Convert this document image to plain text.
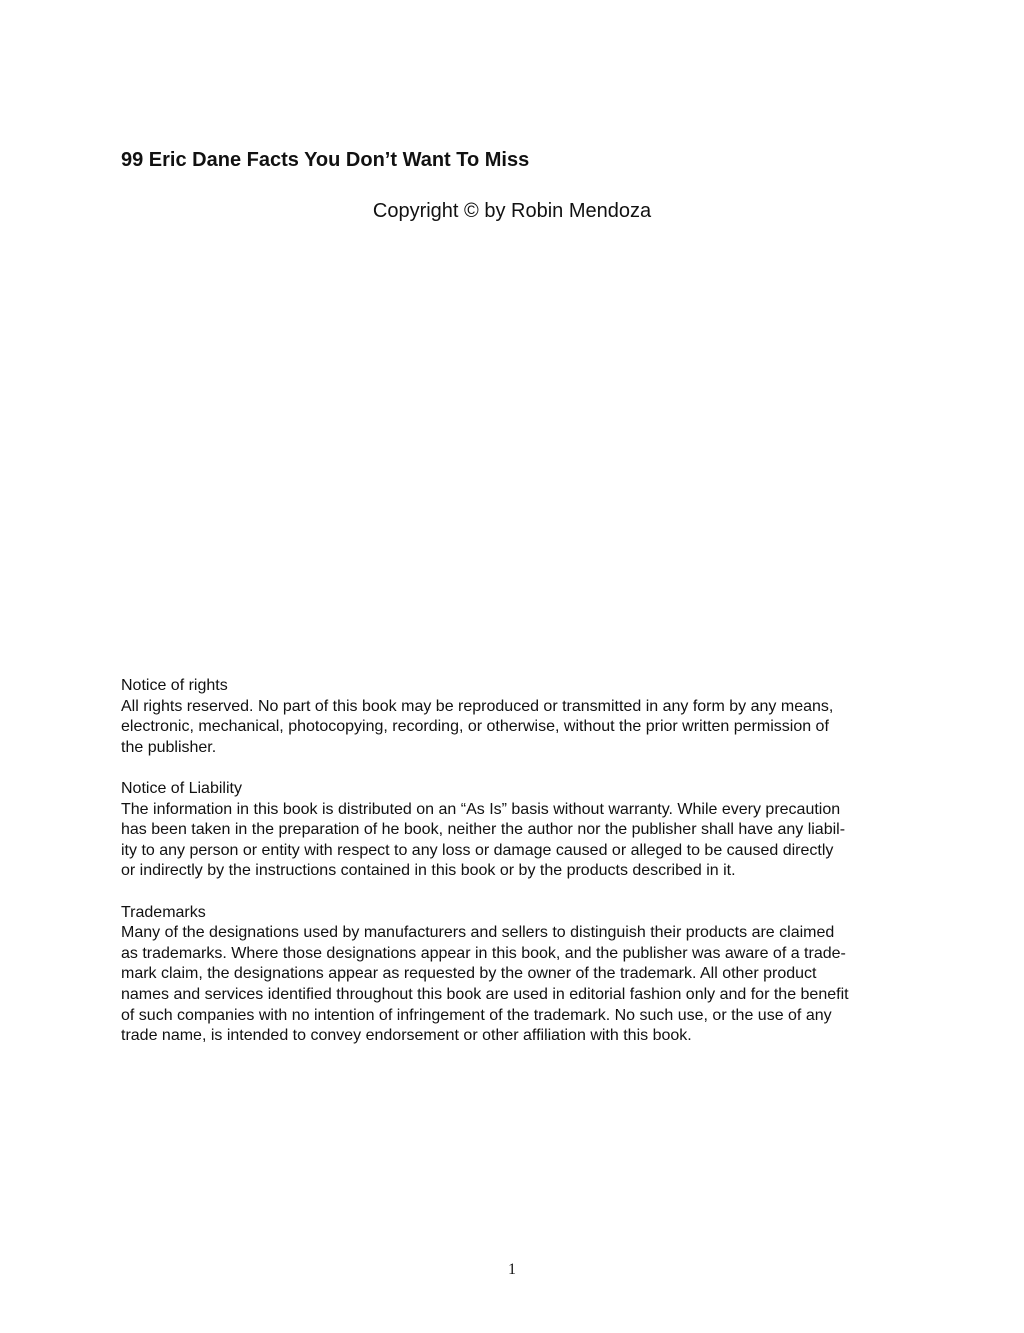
99 Eric Dane Facts You Don’t Want To Miss

Copyright © by Robin Mendoza

Notice of rights
All rights reserved. No part of this book may be reproduced or transmitted in any form by any means,
electronic, mechanical, photocopying, recording, or otherwise, without the prior written permission of
the publisher.
Notice of Liability
The information in this book is distributed on an “As Is” basis without warranty. While every precaution
has been taken in the preparation of he book, neither the author nor the publisher shall have any liabil-
ity to any person or entity with respect to any loss or damage caused or alleged to be caused directly
or indirectly by the instructions contained in this book or by the products described in it.
Trademarks
Many of the designations used by manufacturers and sellers to distinguish their products are claimed
as trademarks. Where those designations appear in this book, and the publisher was aware of a trade-
mark claim, the designations appear as requested by the owner of the trademark. All other product
names and services identified throughout this book are used in editorial fashion only and for the benefit
of such companies with no intention of infringement of the trademark. No such use, or the use of any
trade name, is intended to convey endorsement or other affiliation with this book.
1
